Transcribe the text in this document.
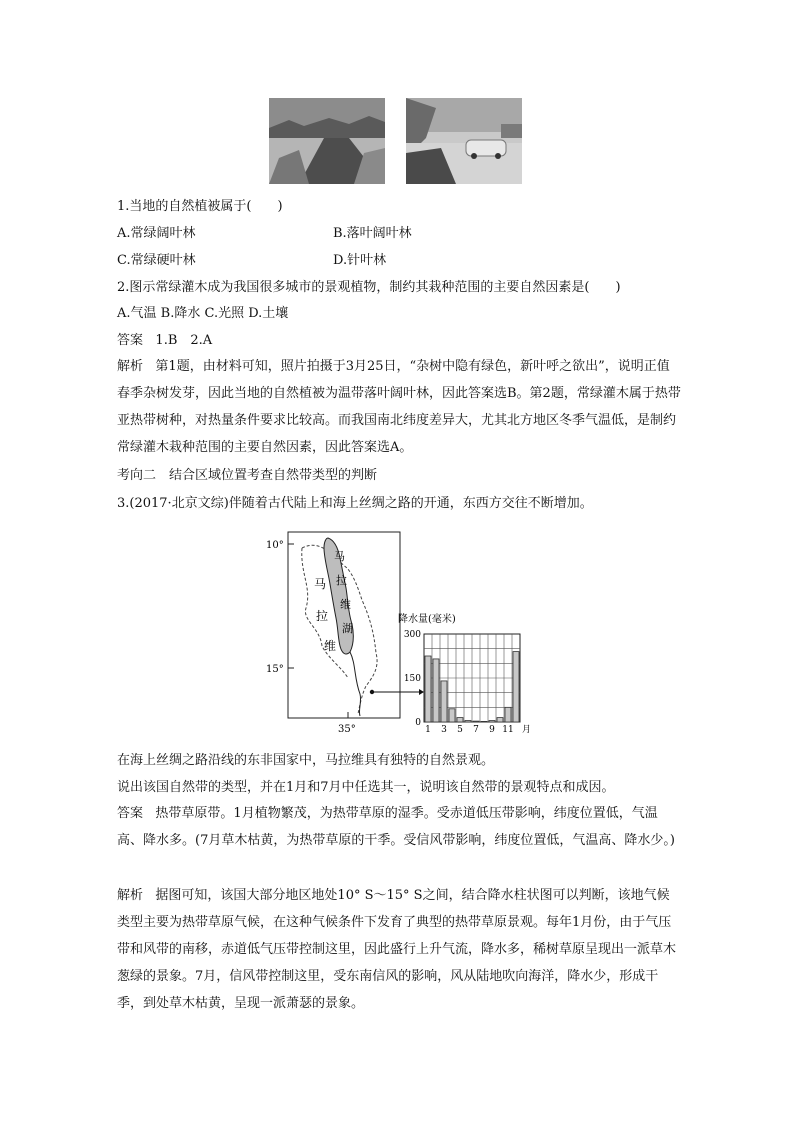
1.当地的自然植被属于(　　)
A.常绿阔叶林	B.落叶阔叶林
C.常绿硬叶林	D.针叶林
2.图示常绿灌木成为我国很多城市的景观植物，制约其栽种范围的主要自然因素是(　　)
A.气温 B.降水 C.光照 D.土壤
答案 1.B　2.A
解析 第1题，由材料可知，照片拍摄于3月25日，“杂树中隐有绿色，新叶呼之欲出”，说明正值春季杂树发芽，因此当地的自然植被为温带落叶阔叶林，因此答案选B。第2题，常绿灌木属于热带亚热带树种，对热量条件要求比较高。而我国南北纬度差异大，尤其北方地区冬季气温低，是制约常绿灌木栽种范围的主要自然因素，因此答案选A。
考向二　结合区域位置考查自然带类型的判断
3.(2017·北京文综)伴随着古代陆上和海上丝绸之路的开通，东西方交往不断增加。
马
拉
维
湖
马
拉
维
10°
15°
35°
降水量(毫米)
0
150
300
1 3 5 7 9 11 月
在海上丝绸之路沿线的东非国家中，马拉维具有独特的自然景观。
说出该国自然带的类型，并在1月和7月中任选其一，说明该自然带的景观特点和成因。
答案 热带草原带。1月植物繁茂，为热带草原的湿季。受赤道低压带影响，纬度位置低，气温高、降水多。(7月草木枯黄，为热带草原的干季。受信风带影响，纬度位置低，气温高、降水少。)
解析 据图可知，该国大部分地区地处10° S～15° S之间，结合降水柱状图可以判断，该地气候类型主要为热带草原气候，在这种气候条件下发育了典型的热带草原景观。每年1月份，由于气压带和风带的南移，赤道低气压带控制这里，因此盛行上升气流，降水多，稀树草原呈现出一派草木葱绿的景象。7月，信风带控制这里，受东南信风的影响，风从陆地吹向海洋，降水少，形成干季，到处草木枯黄，呈现一派萧瑟的景象。
